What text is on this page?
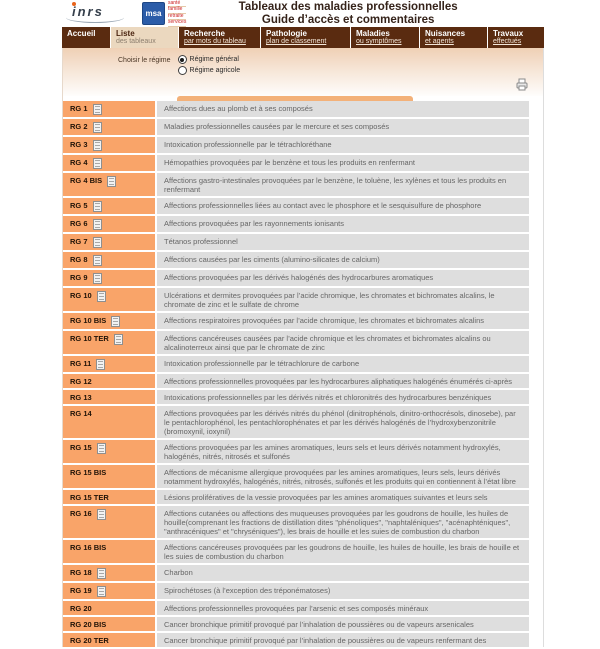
inrs	msa
santé
famille
retraite
services
Tableaux des maladies professionnelles
Guide d’accès et commentaires
Accueil	Liste
des tableaux
Recherche
par mots du tableau
Pathologie
plan de classement
Maladies
ou symptômes
Nuisances
et agents
Travaux
effectués
Choisir le régime	Régime général
Régime agricole
RG 1	Affections dues au plomb et à ses composés
RG 2	Maladies professionnelles causées par le mercure et ses composés
RG 3	Intoxication professionnelle par le tétrachloréthane
RG 4	Hémopathies provoquées par le benzène et tous les produits en renfermant
RG 4 BIS	Affections gastro-intestinales provoquées par le benzène, le toluène, les xylènes et tous les produits en renfermant
RG 5	Affections professionnelles liées au contact avec le phosphore et le sesquisulfure de phosphore
RG 6	Affections provoquées par les rayonnements ionisants
RG 7	Tétanos professionnel
RG 8	Affections causées par les ciments (alumino-silicates de calcium)
RG 9	Affections provoquées par les dérivés halogénés des hydrocarbures aromatiques
RG 10	Ulcérations et dermites provoquées par l’acide chromique, les chromates et bichromates alcalins, le chromate de zinc et le sulfate de chrome
RG 10 BIS	Affections respiratoires provoquées par l’acide chromique, les chromates et bichromates alcalins
RG 10 TER	Affections cancéreuses causées par l’acide chromique et les chromates et bichromates alcalins ou alcalinoterreux ainsi que par le chromate de zinc
RG 11	Intoxication professionnelle par le tétrachlorure de carbone
RG 12	Affections professionnelles provoquées par les hydrocarbures aliphatiques halogénés énumérés ci-après
RG 13	Intoxications professionnelles par les dérivés nitrés et chloronitrés des hydrocarbures benzéniques
RG 14	Affections provoquées par les dérivés nitrés du phénol (dinitrophénols, dinitro-orthocrésols, dinosebe), par le pentachlorophénol, les pentachlorophénates et par les dérivés halogénés de l’hydroxybenzonitrile (bromoxynil, ioxynil)
RG 15	Affections provoquées par les amines aromatiques, leurs sels et leurs dérivés notamment hydroxylés, halogénés, nitrés, nitrosés et sulfonés
RG 15 BIS	Affections de mécanisme allergique provoquées par les amines aromatiques, leurs sels, leurs dérivés notamment hydroxylés, halogénés, nitrés, nitrosés, sulfonés et les produits qui en contiennent à l’état libre
RG 15 TER	Lésions prolifératives de la vessie provoquées par les amines aromatiques suivantes et leurs sels
RG 16	Affections cutanées ou affections des muqueuses provoquées par les goudrons de houille, les huiles de houille(comprenant les fractions de distillation dites "phénoliques", "naphtaléniques", "acénaphténiques", "anthracéniques" et "chryséniques"), les brais de houille et les suies de combustion du charbon
RG 16 BIS	Affections cancéreuses provoquées par les goudrons de houille, les huiles de houille, les brais de houille et les suies de combustion du charbon
RG 18	Charbon
RG 19	Spirochétoses (à l’exception des tréponématoses)
RG 20	Affections professionnelles provoquées par l’arsenic et ses composés minéraux
RG 20 BIS	Cancer bronchique primitif provoqué par l’inhalation de poussières ou de vapeurs arsenicales
RG 20 TER	Cancer bronchique primitif provoqué par l’inhalation de poussières ou de vapeurs renfermant des
